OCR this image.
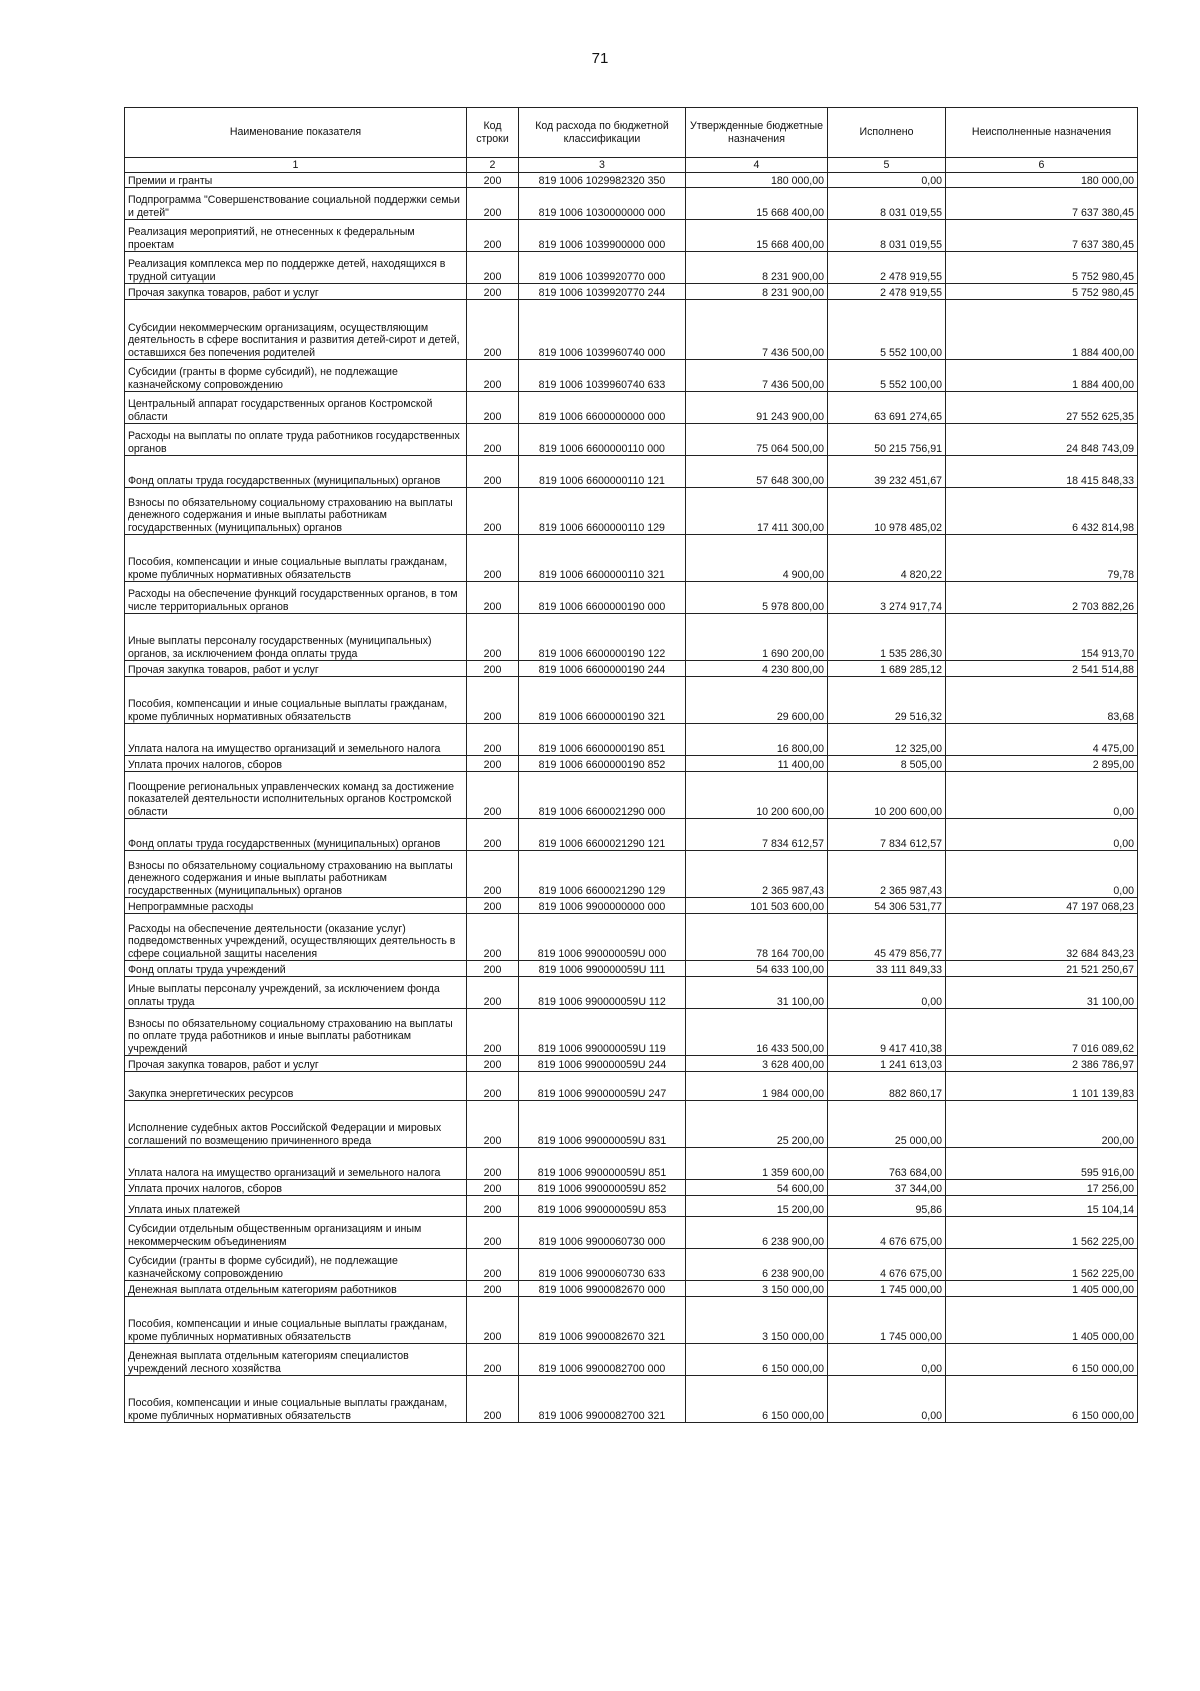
71
Наименование показателя	Код строки	Код расхода по бюджетной классификации	Утвержденные бюджетные назначения	Исполнено	Неисполненные назначения
1	2	3	4	5	6
Премии и гранты	200	819 1006 1029982320 350	180 000,00	0,00	180 000,00
Подпрограмма "Совершенствование социальной поддержки семьи и детей"	200	819 1006 1030000000 000	15 668 400,00	8 031 019,55	7 637 380,45
Реализация мероприятий, не отнесенных к федеральным проектам	200	819 1006 1039900000 000	15 668 400,00	8 031 019,55	7 637 380,45
Реализация комплекса мер по поддержке детей, находящихся в трудной ситуации	200	819 1006 1039920770 000	8 231 900,00	2 478 919,55	5 752 980,45
Прочая закупка товаров, работ и услуг	200	819 1006 1039920770 244	8 231 900,00	2 478 919,55	5 752 980,45
Субсидии некоммерческим организациям, осуществляющим деятельность в сфере воспитания и развития детей-сирот и детей, оставшихся без попечения родителей	200	819 1006 1039960740 000	7 436 500,00	5 552 100,00	1 884 400,00
Субсидии (гранты в форме субсидий), не подлежащие казначейскому сопровождению	200	819 1006 1039960740 633	7 436 500,00	5 552 100,00	1 884 400,00
Центральный аппарат государственных органов Костромской области	200	819 1006 6600000000 000	91 243 900,00	63 691 274,65	27 552 625,35
Расходы на выплаты по оплате труда работников государственных органов	200	819 1006 6600000110 000	75 064 500,00	50 215 756,91	24 848 743,09
Фонд оплаты труда государственных (муниципальных) органов	200	819 1006 6600000110 121	57 648 300,00	39 232 451,67	18 415 848,33
Взносы по обязательному социальному страхованию на выплаты денежного содержания и иные выплаты работникам государственных (муниципальных) органов	200	819 1006 6600000110 129	17 411 300,00	10 978 485,02	6 432 814,98
Пособия, компенсации и иные социальные выплаты гражданам, кроме публичных нормативных обязательств	200	819 1006 6600000110 321	4 900,00	4 820,22	79,78
Расходы на обеспечение функций государственных органов, в том числе территориальных органов	200	819 1006 6600000190 000	5 978 800,00	3 274 917,74	2 703 882,26
Иные выплаты персоналу государственных (муниципальных) органов, за исключением фонда оплаты труда	200	819 1006 6600000190 122	1 690 200,00	1 535 286,30	154 913,70
Прочая закупка товаров, работ и услуг	200	819 1006 6600000190 244	4 230 800,00	1 689 285,12	2 541 514,88
Пособия, компенсации и иные социальные выплаты гражданам, кроме публичных нормативных обязательств	200	819 1006 6600000190 321	29 600,00	29 516,32	83,68
Уплата налога на имущество организаций и земельного налога	200	819 1006 6600000190 851	16 800,00	12 325,00	4 475,00
Уплата прочих налогов, сборов	200	819 1006 6600000190 852	11 400,00	8 505,00	2 895,00
Поощрение региональных управленческих команд за достижение показателей деятельности исполнительных органов Костромской области	200	819 1006 6600021290 000	10 200 600,00	10 200 600,00	0,00
Фонд оплаты труда государственных (муниципальных) органов	200	819 1006 6600021290 121	7 834 612,57	7 834 612,57	0,00
Взносы по обязательному социальному страхованию на выплаты денежного содержания и иные выплаты работникам государственных (муниципальных) органов	200	819 1006 6600021290 129	2 365 987,43	2 365 987,43	0,00
Непрограммные расходы	200	819 1006 9900000000 000	101 503 600,00	54 306 531,77	47 197 068,23
Расходы на обеспечение деятельности (оказание услуг) подведомственных учреждений, осуществляющих деятельность в сфере социальной защиты населения	200	819 1006 990000059U 000	78 164 700,00	45 479 856,77	32 684 843,23
Фонд оплаты труда учреждений	200	819 1006 990000059U 111	54 633 100,00	33 111 849,33	21 521 250,67
Иные выплаты персоналу учреждений, за исключением фонда оплаты труда	200	819 1006 990000059U 112	31 100,00	0,00	31 100,00
Взносы по обязательному социальному страхованию на выплаты по оплате труда работников и иные выплаты работникам учреждений	200	819 1006 990000059U 119	16 433 500,00	9 417 410,38	7 016 089,62
Прочая закупка товаров, работ и услуг	200	819 1006 990000059U 244	3 628 400,00	1 241 613,03	2 386 786,97
Закупка энергетических ресурсов	200	819 1006 990000059U 247	1 984 000,00	882 860,17	1 101 139,83
Исполнение судебных актов Российской Федерации и мировых соглашений по возмещению причиненного вреда	200	819 1006 990000059U 831	25 200,00	25 000,00	200,00
Уплата налога на имущество организаций и земельного налога	200	819 1006 990000059U 851	1 359 600,00	763 684,00	595 916,00
Уплата прочих налогов, сборов	200	819 1006 990000059U 852	54 600,00	37 344,00	17 256,00
Уплата иных платежей	200	819 1006 990000059U 853	15 200,00	95,86	15 104,14
Субсидии отдельным общественным организациям и иным некоммерческим объединениям	200	819 1006 9900060730 000	6 238 900,00	4 676 675,00	1 562 225,00
Субсидии (гранты в форме субсидий), не подлежащие казначейскому сопровождению	200	819 1006 9900060730 633	6 238 900,00	4 676 675,00	1 562 225,00
Денежная выплата отдельным категориям работников	200	819 1006 9900082670 000	3 150 000,00	1 745 000,00	1 405 000,00
Пособия, компенсации и иные социальные выплаты гражданам, кроме публичных нормативных обязательств	200	819 1006 9900082670 321	3 150 000,00	1 745 000,00	1 405 000,00
Денежная выплата отдельным категориям специалистов учреждений лесного хозяйства	200	819 1006 9900082700 000	6 150 000,00	0,00	6 150 000,00
Пособия, компенсации и иные социальные выплаты гражданам, кроме публичных нормативных обязательств	200	819 1006 9900082700 321	6 150 000,00	0,00	6 150 000,00
